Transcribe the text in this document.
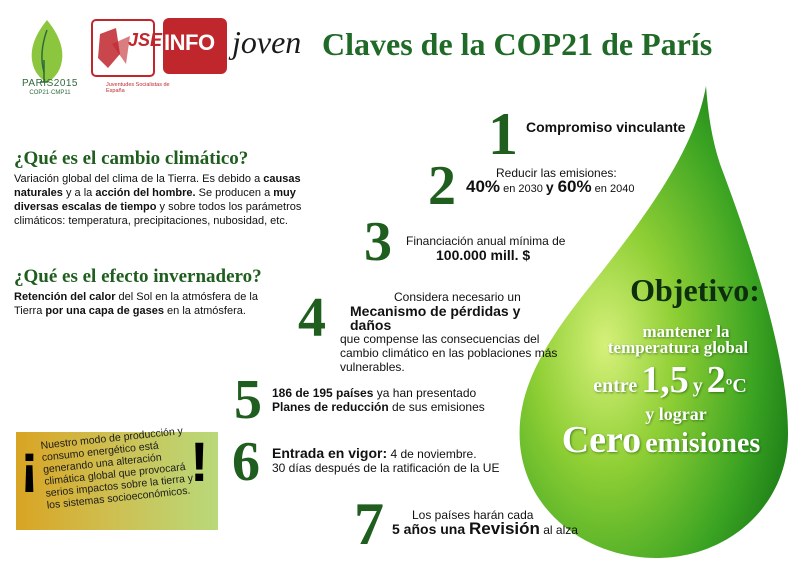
PARIS2015
COP21·CMP11
JSE
Juventudes Socialistas de España
INFO joven Claves de la COP21 de París
¿Qué es el cambio climático?
Variación global del clima de la Tierra. Es debido a causas naturales y a la acción del hombre. Se producen a muy diversas escalas de tiempo y sobre todos los parámetros climáticos: temperatura, precipitaciones, nubosidad, etc.
¿Qué es el efecto invernadero?
Retención del calor del Sol en la atmósfera de la Tierra por una capa de gases en la atmósfera.
¡	!
Nuestro modo de producción y consumo energético está generando una alteración climática global que provocará serios impactos sobre la tierra y los sistemas socioeconómicos.
1 Compromiso vinculante
2	Reducir las emisiones:
40% en 2030 y 60% en 2040
3 Financiación anual mínima de
100.000 mill. $
4	Considera necesario un
Mecanismo de pérdidas y daños
que compense las consecuencias del cambio climático en las poblaciones más vulnerables.
5 186 de 195 países ya han presentado
Planes de reducción de sus emisiones
6 Entrada en vigor: 4 de noviembre.
30 días después de la ratificación de la UE
7	Los países harán cada
5 años una Revisión al alza
Objetivo:
mantener la
temperatura global
entre 1,5 y 2ºC
y lograr
Cero emisiones
